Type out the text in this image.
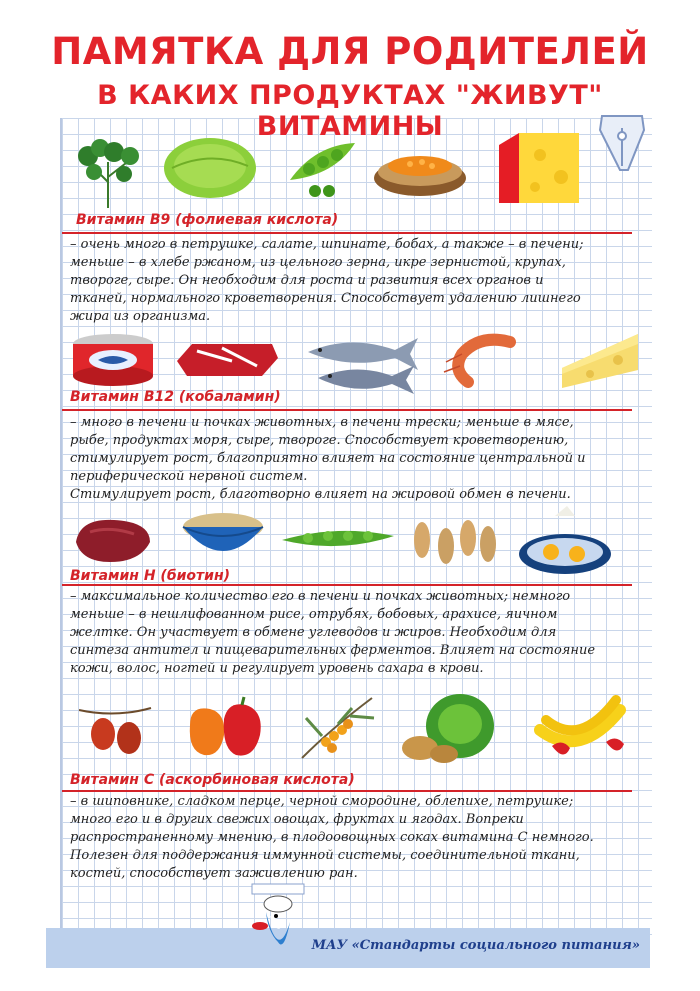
ПАМЯТКА ДЛЯ РОДИТЕЛЕЙ
В КАКИХ ПРОДУКТАХ "ЖИВУТ" ВИТАМИНЫ
Витамин В9 (фолиевая кислота)

– очень много в петрушке, салате, шпинате, бобах, а также – в печени;

меньше – в хлебе ржаном, из цельного зерна, икре зернистой, крупах,

твороге, сыре. Он необходим для роста и развития всех органов и

тканей, нормального кроветворения. Способствует удалению лишнего

жира из организма.

Витамин В12 (кобаламин)

– много в печени и почках животных, в печени трески; меньше в мясе,

рыбе, продуктах моря, сыре, твороге. Способствует кроветворению,

стимулирует рост, благоприятно влияет на состояние центральной и

периферической нервной систем.

Стимулирует рост, благотворно влияет на жировой обмен в печени.

Витамин Н (биотин)

– максимальное количество его в печени и почках животных; немного

меньше – в нешлифованном рисе, отрубях, бобовых, арахисе, яичном

желтке. Он участвует в обмене углеводов и жиров. Необходим для

синтеза антител и пищеварительных ферментов. Влияет на состояние

кожи, волос, ногтей и регулирует уровень сахара в крови.

Витамин С (аскорбиновая кислота)

– в шиповнике, сладком перце, черной смородине, облепихе, петрушке;

много его и в других свежих овощах, фруктах и ягодах. Вопреки

распространенному мнению, в плодоовощных соках витамина С немного.

Полезен для поддержания иммунной системы, соединительной ткани,

костей, способствует заживлению ран.

МАУ «Стандарты социального питания»
